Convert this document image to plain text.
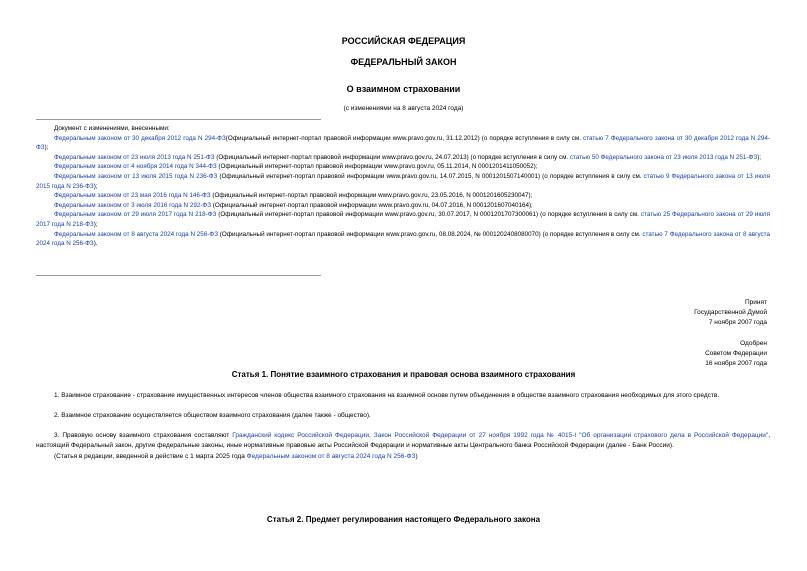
РОССИЙСКАЯ ФЕДЕРАЦИЯ
ФЕДЕРАЛЬНЫЙ ЗАКОН
О взаимном страховании
(с изменениями на 8 августа 2024 года)

Документ с изменениями, внесенными:

Федеральным законом от 30 декабря 2012 года N 294-ФЗ(Официальный интернет-портал правовой информации www.pravo.gov.ru, 31.12.2012) (о порядке вступления в силу см. статью 7 Федерального закона от 30 декабря 2012 года N 294-ФЗ);

Федеральным законом от 23 июля 2013 года N 251-ФЗ (Официальный интернет-портал правовой информации www.pravo.gov.ru, 24.07.2013) (о порядке вступления в силу см. статью 50 Федерального закона от 23 июля 2013 года N 251-ФЗ);

Федеральным законом от 4 ноября 2014 года N 344-ФЗ (Официальный интернет-портал правовой информации www.pravo.gov.ru, 05.11.2014, N 0001201411050052);

Федеральным законом от 13 июля 2015 года N 236-ФЗ (Официальный интернет-портал правовой информации www.pravo.gov.ru, 14.07.2015, N 0001201507140001) (о порядке вступления в силу см. статью 9 Федерального закона от 13 июля 2015 года N 236-ФЗ);

Федеральным законом от 23 мая 2016 года N 146-ФЗ (Официальный интернет-портал правовой информации www.pravo.gov.ru, 23.05.2016, N 0001201605230047);

Федеральным законом от 3 июля 2016 года N 292-ФЗ (Официальный интернет-портал правовой информации www.pravo.gov.ru, 04.07.2016, N 0001201607040164);

Федеральным законом от 29 июля 2017 года N 218-ФЗ (Официальный интернет-портал правовой информации www.pravo.gov.ru, 30.07.2017, N 0001201707300061) (о порядке вступления в силу см. статью 25 Федерального закона от 29 июля 2017 года N 218-ФЗ);

Федеральным законом от 8 августа 2024 года N 256-ФЗ (Официальный интернет-портал правовой информации www.pravo.gov.ru, 08.08.2024, № 0001202408080070) (о порядке вступления в силу см. статью 7 Федерального закона от 8 августа 2024 года N 256-ФЗ).

Принят
Государственной Думой
7 ноября 2007 года
Одобрен
Советом Федерации
16 ноября 2007 года
Статья 1. Понятие взаимного страхования и правовая основа взаимного страхования

1. Взаимное страхование - страхование имущественных интересов членов общества взаимного страхования на взаимной основе путем объединения в обществе взаимного страхования необходимых для этого средств.

2. Взаимное страхование осуществляется обществом взаимного страхования (далее также - общество).

3. Правовую основу взаимного страхования составляют Гражданский кодекс Российской Федерации, Закон Российской Федерации от 27 ноября 1992 года № 4015-I "Об организации страхового дела в Российской Федерации", настоящий Федеральный закон, другие федеральные законы, иные нормативные правовые акты Российской Федерации и нормативные акты Центрального банка Российской Федерации (далее - Банк России).

(Статья в редакции, введенной в действие с 1 марта 2025 года Федеральным законом от 8 августа 2024 года N 256-ФЗ)

Статья 2. Предмет регулирования настоящего Федерального закона
